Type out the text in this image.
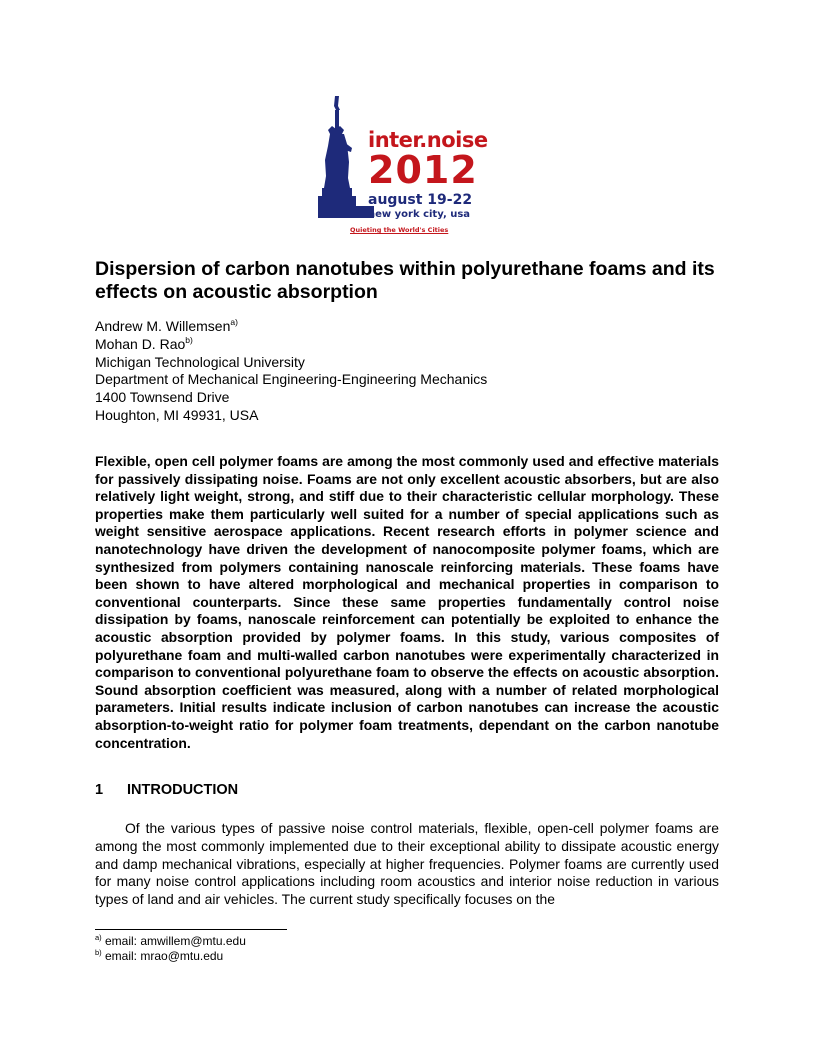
inter.noise
2012
august 19-22
new york city, usa
Quieting the World's Cities
Dispersion of carbon nanotubes within polyurethane foams and its effects on acoustic absorption
Andrew M. Willemsen$^{a)}$
Mohan D. Rao$^{b)}$
Michigan Technological University
Department of Mechanical Engineering-Engineering Mechanics
1400 Townsend Drive
Houghton, MI 49931, USA

Flexible, open cell polymer foams are among the most commonly used and effective materials for passively dissipating noise. Foams are not only excellent acoustic absorbers, but are also relatively light weight, strong, and stiff due to their characteristic cellular morphology. These properties make them particularly well suited for a number of special applications such as weight sensitive aerospace applications. Recent research efforts in polymer science and nanotechnology have driven the development of nanocomposite polymer foams, which are synthesized from polymers containing nanoscale reinforcing materials. These foams have been shown to have altered morphological and mechanical properties in comparison to conventional counterparts. Since these same properties fundamentally control noise dissipation by foams, nanoscale reinforcement can potentially be exploited to enhance the acoustic absorption provided by polymer foams. In this study, various composites of polyurethane foam and multi-walled carbon nanotubes were experimentally characterized in comparison to conventional polyurethane foam to observe the effects on acoustic absorption. Sound absorption coefficient was measured, along with a number of related morphological parameters. Initial results indicate inclusion of carbon nanotubes can increase the acoustic absorption-to-weight ratio for polymer foam treatments, dependant on the carbon nanotube concentration.

1 INTRODUCTION

Of the various types of passive noise control materials, flexible, open-cell polymer foams are among the most commonly implemented due to their exceptional ability to dissipate acoustic energy and damp mechanical vibrations, especially at higher frequencies. Polymer foams are currently used for many noise control applications including room acoustics and interior noise reduction in various types of land and air vehicles. The current study specifically focuses on the

$^{a)}$ email: amwillem@mtu.edu
$^{b)}$ email: mrao@mtu.edu
